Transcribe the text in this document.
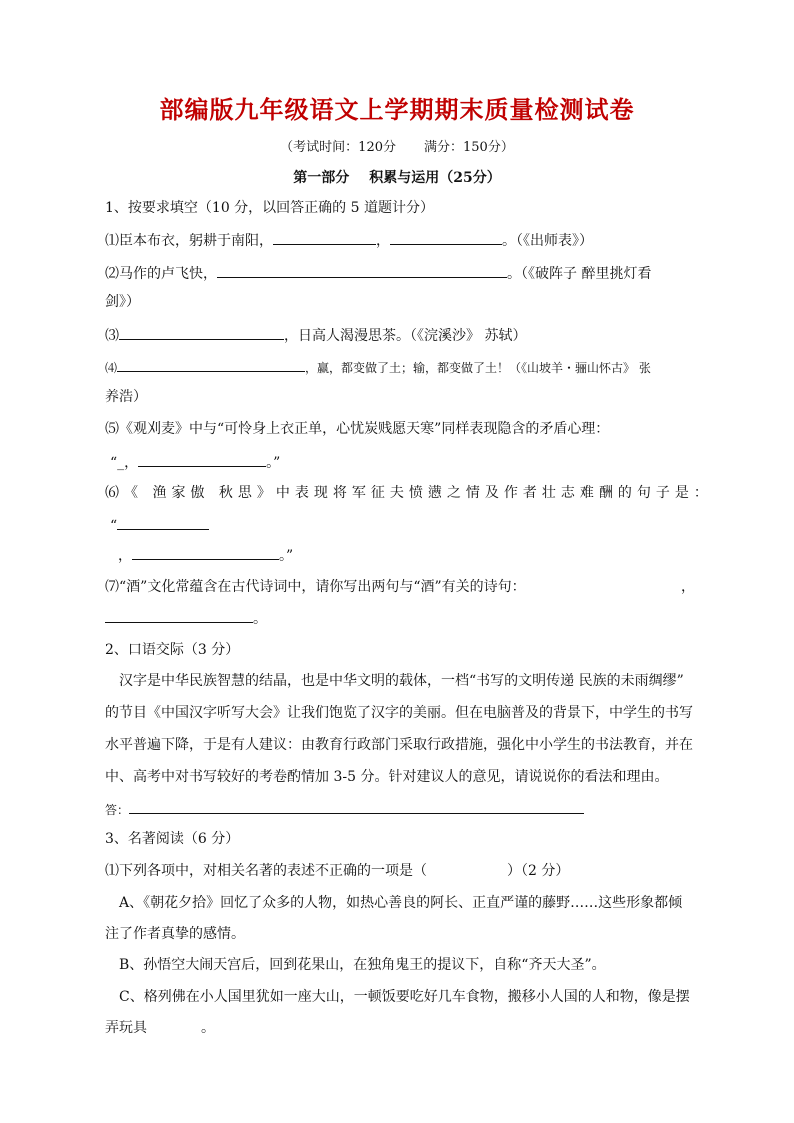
部编版九年级语文上学期期末质量检测试卷
（考试时间：120分 满分：150分）
第一部分 积累与运用（25分）
1、按要求填空（10 分，以回答正确的 5 道题计分）
⑴臣本布衣，躬耕于南阳，	，	。（《出师表》）
⑵马作的卢飞快，	。（《破阵子 醉里挑灯看
剑》）
⑶	，日高人渴漫思茶。（《浣溪沙》 苏轼）
⑷	，赢，都变做了土；输，都变做了土！（《山坡羊・骊山怀古》 张
养浩）
⑸《观刈麦》中与“可怜身上衣正单，心忧炭贱愿天寒”同样表现隐含的矛盾心理：
“_，	。”
⑹《 渔家傲 秋思》中表现将军征夫愤懑之情及作者壮志难酬的句子是：
“
，	。”
⑺“酒”文化常蕴含在古代诗词中，请你写出两句与“酒”有关的诗句：	，
。
2、口语交际（3 分）
汉字是中华民族智慧的结晶，也是中华文明的载体，一档“书写的文明传递 民族的未雨绸缪”
的节目《中国汉字听写大会》让我们饱览了汉字的美丽。但在电脑普及的背景下，中学生的书写
水平普遍下降，于是有人建议：由教育行政部门采取行政措施，强化中小学生的书法教育，并在
中、高考中对书写较好的考卷酌情加 3-5 分。针对建议人的意见，请说说你的看法和理由。
答：
3、名著阅读（6 分）
⑴下列各项中，对相关名著的表述不正确的一项是（	）（2 分）
A、《朝花夕拾》回忆了众多的人物，如热心善良的阿长、正直严谨的藤野……这些形象都倾
注了作者真挚的感情。
B、孙悟空大闹天宫后，回到花果山，在独角鬼王的提议下，自称“齐天大圣”。
C、格列佛在小人国里犹如一座大山，一顿饭要吃好几车食物，搬移小人国的人和物，像是摆
弄玩具	。
